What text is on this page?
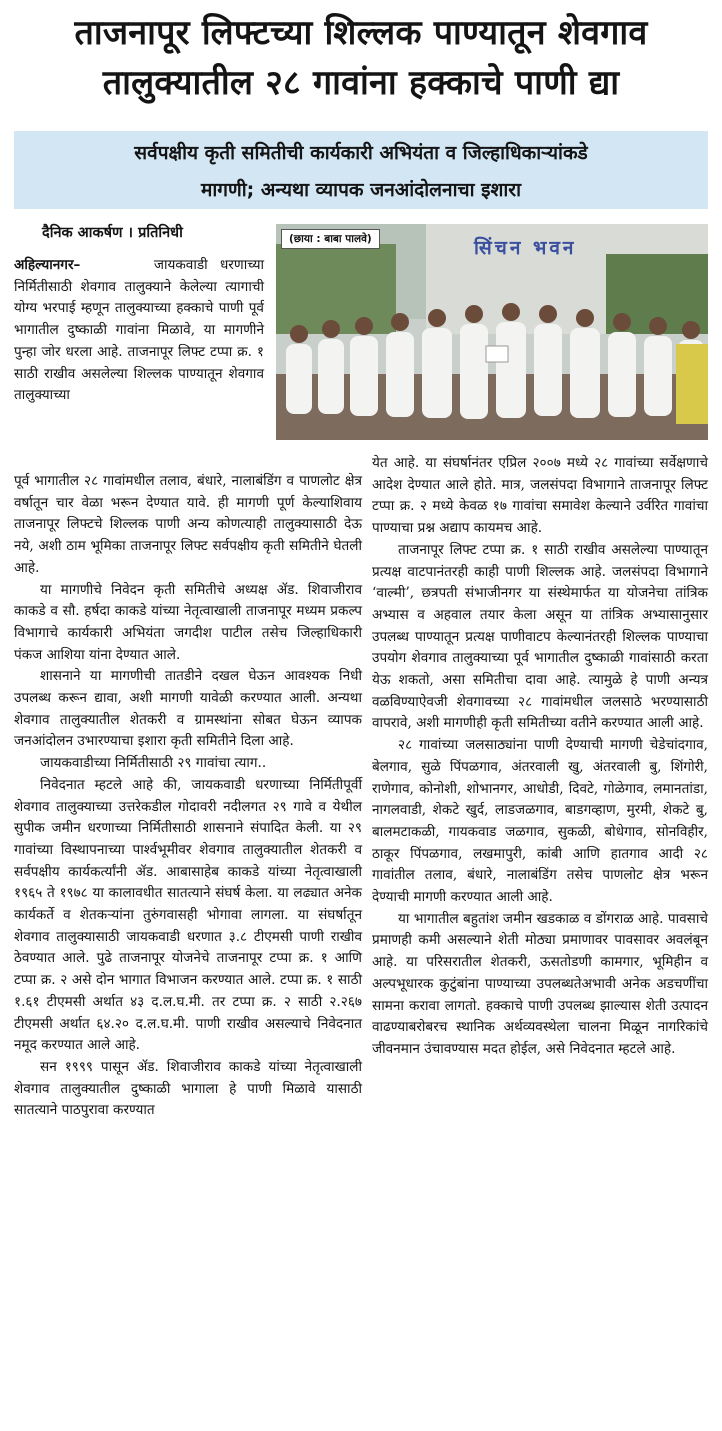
ताजनापूर लिफ्टच्या शिल्लक पाण्यातून शेवगाव
तालुक्यातील २८ गावांना हक्काचे पाणी द्या
सर्वपक्षीय कृती समितीची कार्यकारी अभियंता व जिल्हाधिकाऱ्यांकडे
मागणी; अन्यथा व्यापक जनआंदोलनाचा इशारा
दैनिक आकर्षण । प्रतिनिधी	(छाया : बाबा पालवे)	सिंचन भवन

अहिल्यानगर–	जायकवाडी धरणाच्या निर्मितीसाठी शेवगाव तालुक्याने केलेल्या त्यागाची योग्य भरपाई म्हणून तालुक्याच्या हक्काचे पाणी पूर्व भागातील दुष्काळी गावांना मिळावे, या मागणीने पुन्हा जोर धरला आहे. ताजनापूर लिफ्ट टप्पा क्र. १ साठी राखीव असलेल्या शिल्लक पाण्यातून शेवगाव तालुक्याच्या

पूर्व भागातील २८ गावांमधील तलाव, बंधारे, नालाबंडिंग व पाणलोट क्षेत्र वर्षातून चार वेळा भरून देण्यात यावे. ही मागणी पूर्ण केल्याशिवाय ताजनापूर लिफ्टचे शिल्लक पाणी अन्य कोणत्याही तालुक्यासाठी देऊ नये, अशी ठाम भूमिका ताजनापूर लिफ्ट सर्वपक्षीय कृती समितीने घेतली आहे.

या मागणीचे निवेदन कृती समितीचे अध्यक्ष ॲड. शिवाजीराव काकडे व सौ. हर्षदा काकडे यांच्या नेतृत्वाखाली ताजनापूर मध्यम प्रकल्प विभागाचे कार्यकारी अभियंता जगदीश पाटील तसेच जिल्हाधिकारी पंकज आशिया यांना देण्यात आले.

शासनाने या मागणीची तातडीने दखल घेऊन आवश्यक निधी उपलब्ध करून द्यावा, अशी मागणी यावेळी करण्यात आली. अन्यथा शेवगाव तालुक्यातील शेतकरी व ग्रामस्थांना सोबत घेऊन व्यापक जनआंदोलन उभारण्याचा इशारा कृती समितीने दिला आहे.

जायकवाडीच्या निर्मितीसाठी २९ गावांचा त्याग..

निवेदनात म्हटले आहे की, जायकवाडी धरणाच्या निर्मितीपूर्वी शेवगाव तालुक्याच्या उत्तरेकडील गोदावरी नदीलगत २९ गावे व येथील सुपीक जमीन धरणाच्या निर्मितीसाठी शासनाने संपादित केली. या २९ गावांच्या विस्थापनाच्या पार्श्वभूमीवर शेवगाव तालुक्यातील शेतकरी व सर्वपक्षीय कार्यकर्त्यांनी ॲड. आबासाहेब काकडे यांच्या नेतृत्वाखाली १९६५ ते १९७८ या कालावधीत सातत्याने संघर्ष केला. या लढ्यात अनेक कार्यकर्ते व शेतकऱ्यांना तुरुंगवासही भोगावा लागला. या संघर्षातून शेवगाव तालुक्यासाठी जायकवाडी धरणात ३.८ टीएमसी पाणी राखीव ठेवण्यात आले. पुढे ताजनापूर योजनेचे ताजनापूर टप्पा क्र. १ आणि टप्पा क्र. २ असे दोन भागात विभाजन करण्यात आले. टप्पा क्र. १ साठी १.६१ टीएमसी अर्थात ४३ द.ल.घ.मी. तर टप्पा क्र. २ साठी २.२६७ टीएमसी अर्थात ६४.२० द.ल.घ.मी. पाणी राखीव असल्याचे निवेदनात नमूद करण्यात आले आहे.

सन १९९९ पासून ॲड. शिवाजीराव काकडे यांच्या नेतृत्वाखाली शेवगाव तालुक्यातील दुष्काळी भागाला हे पाणी मिळावे यासाठी सातत्याने पाठपुरावा करण्यात

येत आहे. या संघर्षानंतर एप्रिल २००७ मध्ये २८ गावांच्या सर्वेक्षणाचे आदेश देण्यात आले होते. मात्र, जलसंपदा विभागाने ताजनापूर लिफ्ट टप्पा क्र. २ मध्ये केवळ १७ गावांचा समावेश केल्याने उर्वरित गावांचा पाण्याचा प्रश्न अद्याप कायमच आहे.

ताजनापूर लिफ्ट टप्पा क्र. १ साठी राखीव असलेल्या पाण्यातून प्रत्यक्ष वाटपानंतरही काही पाणी शिल्लक आहे. जलसंपदा विभागाने ‘वाल्मी’, छत्रपती संभाजीनगर या संस्थेमार्फत या योजनेचा तांत्रिक अभ्यास व अहवाल तयार केला असून या तांत्रिक अभ्यासानुसार उपलब्ध पाण्यातून प्रत्यक्ष पाणीवाटप केल्यानंतरही शिल्लक पाण्याचा उपयोग शेवगाव तालुक्याच्या पूर्व भागातील दुष्काळी गावांसाठी करता येऊ शकतो, असा समितीचा दावा आहे. त्यामुळे हे पाणी अन्यत्र वळविण्याऐवजी शेवगावच्या २८ गावांमधील जलसाठे भरण्यासाठी वापरावे, अशी मागणीही कृती समितीच्या वतीने करण्यात आली आहे.

२८ गावांच्या जलसाठ्यांना पाणी देण्याची मागणी चेडेचांदगाव, बेलगाव, सुळे पिंपळगाव, अंतरवाली खु, अंतरवाली बु, शिंगोरी, राणेगाव, कोनोशी, शोभानगर, आधोडी, दिवटे, गोळेगाव, लमानतांडा, नागलवाडी, शेकटे खुर्द, लाडजळगाव, बाडगव्हाण, मुरमी, शेकटे बु, बालमटाकळी, गायकवाड जळगाव, सुकळी, बोधेगाव, सोनविहीर, ठाकूर पिंपळगाव, लखमापुरी, कांबी आणि हातगाव आदी २८ गावांतील तलाव, बंधारे, नालाबंडिंग तसेच पाणलोट क्षेत्र भरून देण्याची मागणी करण्यात आली आहे.

या भागातील बहुतांश जमीन खडकाळ व डोंगराळ आहे. पावसाचे प्रमाणही कमी असल्याने शेती मोठ्या प्रमाणावर पावसावर अवलंबून आहे. या परिसरातील शेतकरी, ऊसतोडणी कामगार, भूमिहीन व अल्पभूधारक कुटुंबांना पाण्याच्या उपलब्धतेअभावी अनेक अडचणींचा सामना करावा लागतो. हक्काचे पाणी उपलब्ध झाल्यास शेती उत्पादन वाढण्याबरोबरच स्थानिक अर्थव्यवस्थेला चालना मिळून नागरिकांचे जीवनमान उंचावण्यास मदत होईल, असे निवेदनात म्हटले आहे.
